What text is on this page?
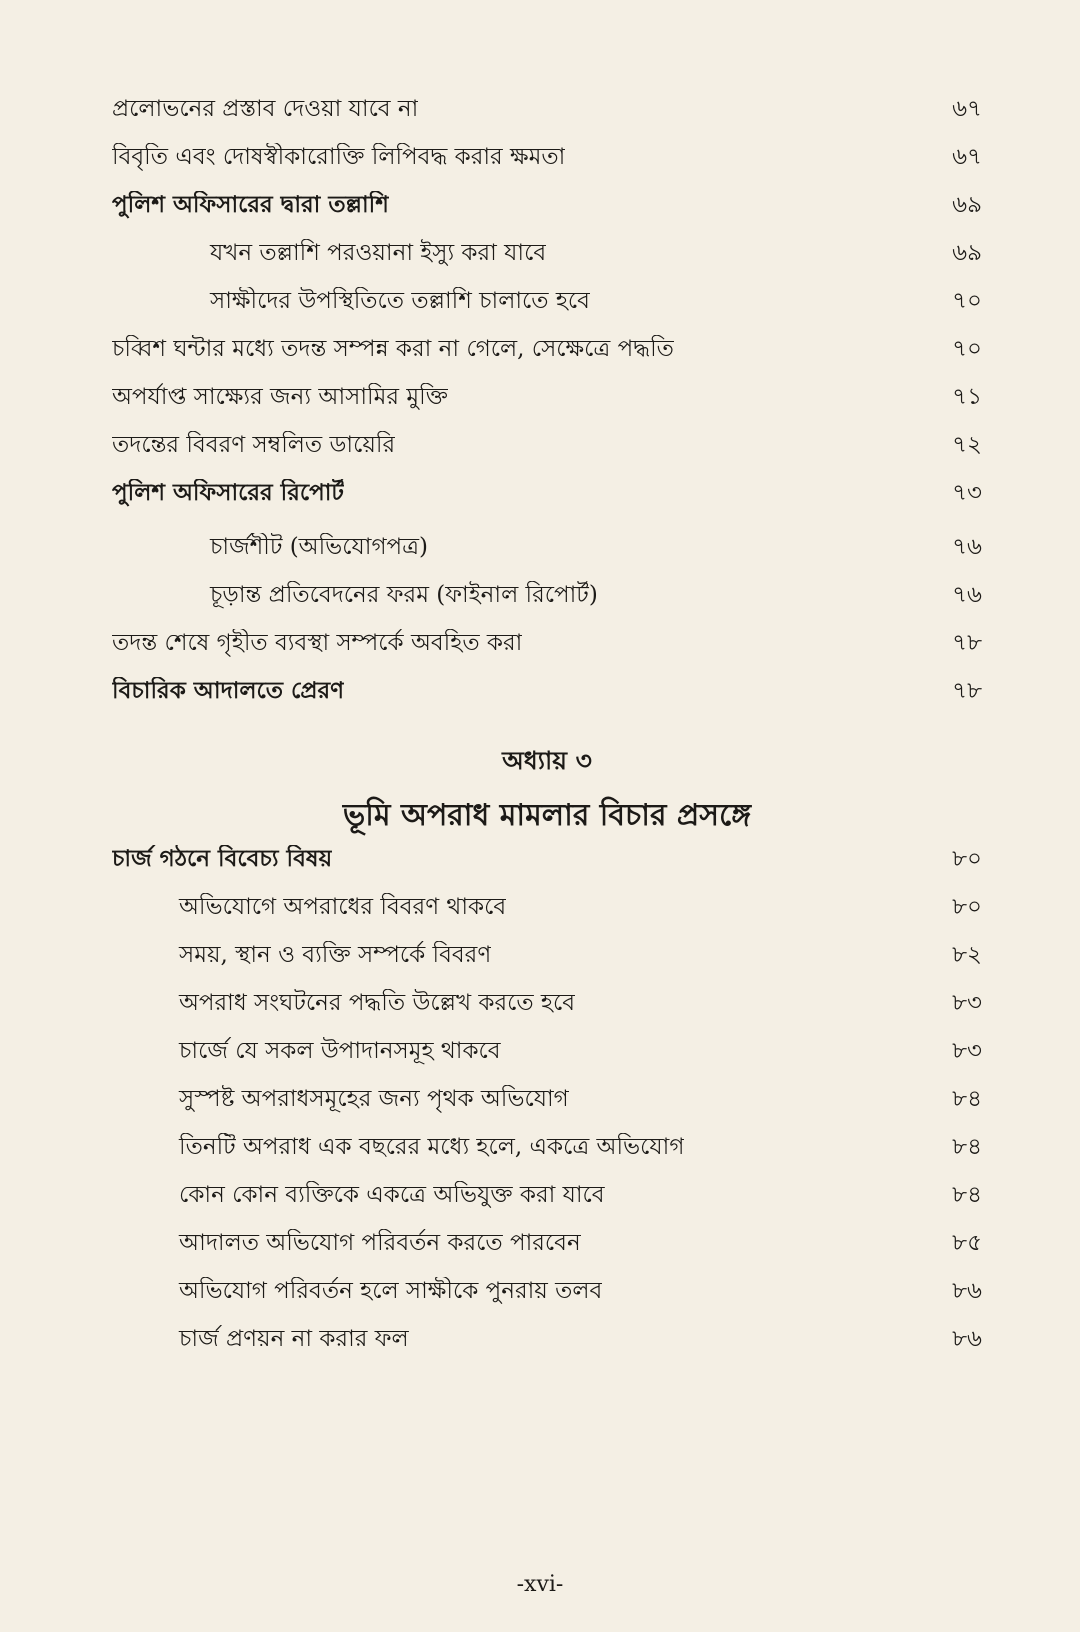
প্রলোভনের প্রস্তাব দেওয়া যাবে না	৬৭
বিবৃতি এবং দোষস্বীকারোক্তি লিপিবদ্ধ করার ক্ষমতা	৬৭
পুলিশ অফিসারের দ্বারা তল্লাশি	৬৯
যখন তল্লাশি পরওয়ানা ইস্যু করা যাবে	৬৯
সাক্ষীদের উপস্থিতিতে তল্লাশি চালাতে হবে	৭০
চব্বিশ ঘন্টার মধ্যে তদন্ত সম্পন্ন করা না গেলে, সেক্ষেত্রে পদ্ধতি	৭০
অপর্যাপ্ত সাক্ষ্যের জন্য আসামির মুক্তি	৭১
তদন্তের বিবরণ সম্বলিত ডায়েরি	৭২
পুলিশ অফিসারের রিপোর্ট	৭৩
চার্জশীট (অভিযোগপত্র)	৭৬
চূড়ান্ত প্রতিবেদনের ফরম (ফাইনাল রিপোর্ট)	৭৬
তদন্ত শেষে গৃহীত ব্যবস্থা সম্পর্কে অবহিত করা	৭৮
বিচারিক আদালতে প্রেরণ	৭৮
অধ্যায় ৩
ভূমি অপরাধ মামলার বিচার প্রসঙ্গে
চার্জ গঠনে বিবেচ্য বিষয়	৮০
অভিযোগে অপরাধের বিবরণ থাকবে	৮০
সময়, স্থান ও ব্যক্তি সম্পর্কে বিবরণ	৮২
অপরাধ সংঘটনের পদ্ধতি উল্লেখ করতে হবে	৮৩
চার্জে যে সকল উপাদানসমূহ থাকবে	৮৩
সুস্পষ্ট অপরাধসমূহের জন্য পৃথক অভিযোগ	৮৪
তিনটি অপরাধ এক বছরের মধ্যে হলে, একত্রে অভিযোগ	৮৪
কোন কোন ব্যক্তিকে একত্রে অভিযুক্ত করা যাবে	৮৪
আদালত অভিযোগ পরিবর্তন করতে পারবেন	৮৫
অভিযোগ পরিবর্তন হলে সাক্ষীকে পুনরায় তলব	৮৬
চার্জ প্রণয়ন না করার ফল	৮৬
-xvi-
